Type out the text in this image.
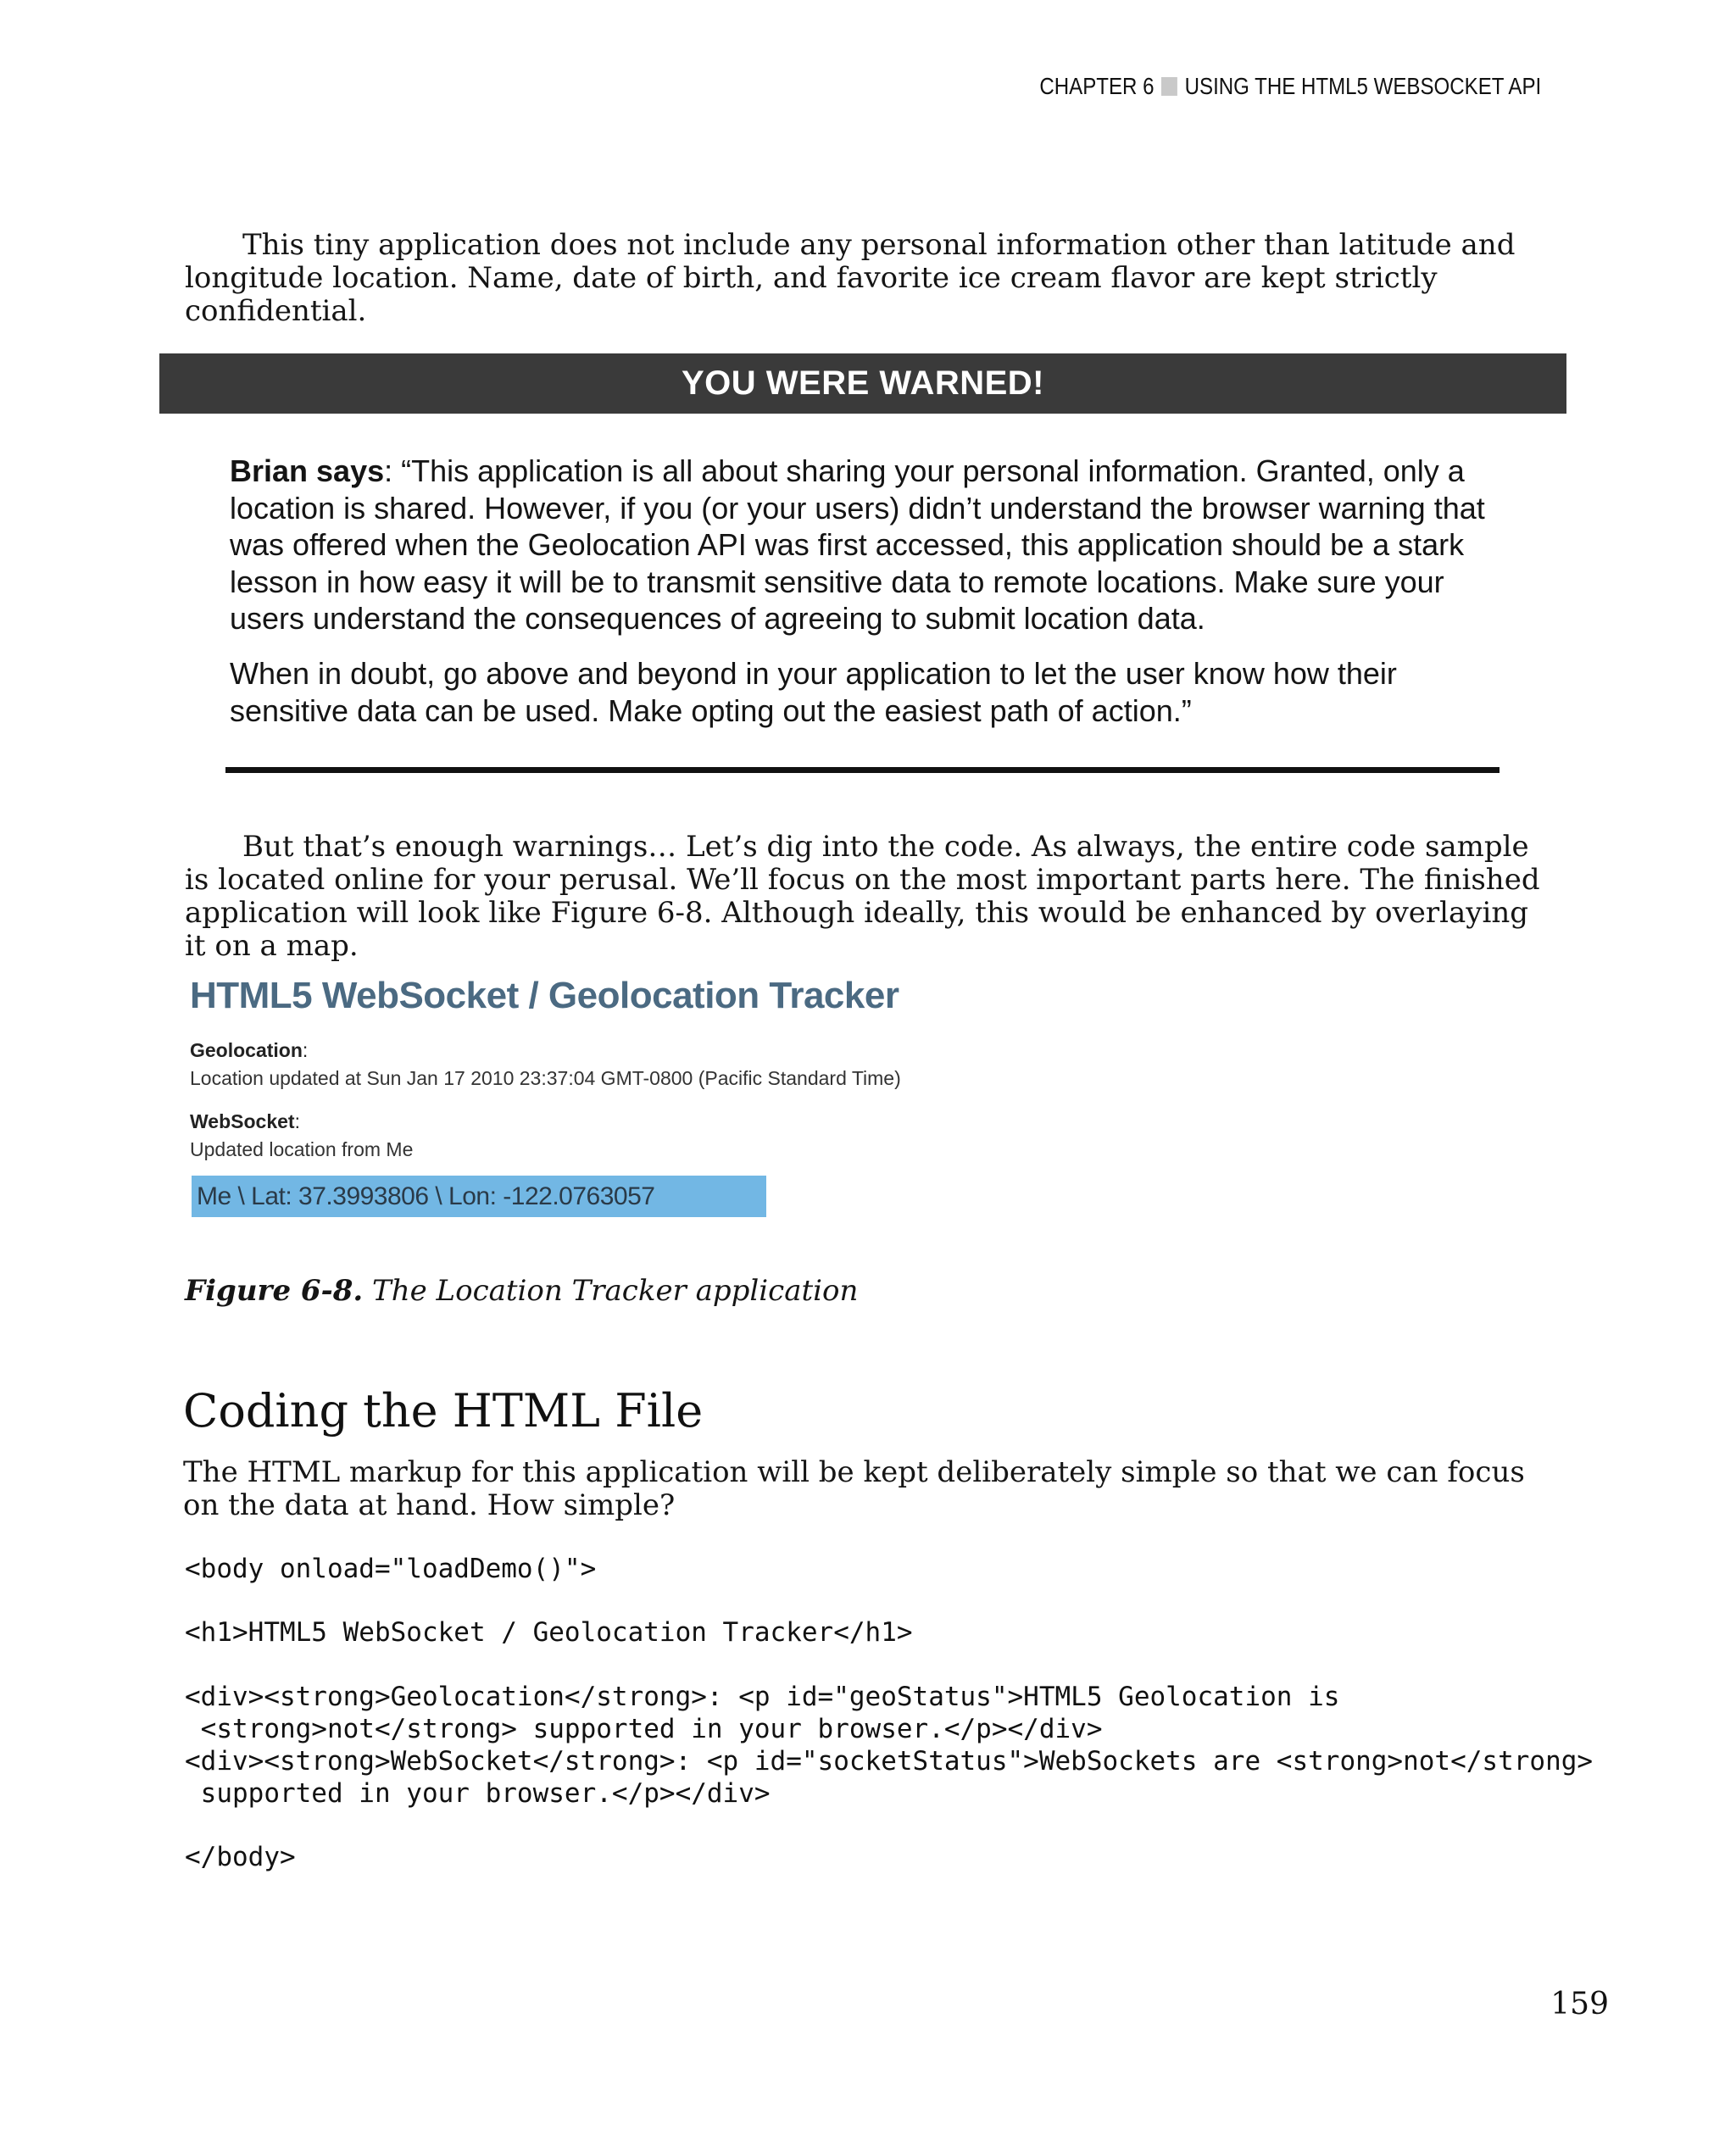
CHAPTER 6 USING THE HTML5 WEBSOCKET API
This tiny application does not include any personal information other than latitude and longitude location. Name, date of birth, and favorite ice cream flavor are kept strictly confidential.
YOU WERE WARNED!
Brian says: “This application is all about sharing your personal information. Granted, only a location is shared. However, if you (or your users) didn’t understand the browser warning that was offered when the Geolocation API was first accessed, this application should be a stark lesson in how easy it will be to transmit sensitive data to remote locations. Make sure your users understand the consequences of agreeing to submit location data.
When in doubt, go above and beyond in your application to let the user know how their sensitive data can be used. Make opting out the easiest path of action.”
But that’s enough warnings… Let’s dig into the code. As always, the entire code sample is located online for your perusal. We’ll focus on the most important parts here. The finished application will look like Figure 6-8. Although ideally, this would be enhanced by overlaying it on a map.
HTML5 WebSocket / Geolocation Tracker
Geolocation:
Location updated at Sun Jan 17 2010 23:37:04 GMT-0800 (Pacific Standard Time)
WebSocket:
Updated location from Me
Me \ Lat: 37.3993806 \ Lon: -122.0763057
Figure 6-8. The Location Tracker application
Coding the HTML File
The HTML markup for this application will be kept deliberately simple so that we can focus on the data at hand. How simple?
<body onload="loadDemo()">
<h1>HTML5 WebSocket / Geolocation Tracker</h1>
<div><strong>Geolocation</strong>: <p id="geoStatus">HTML5 Geolocation is
<strong>not</strong> supported in your browser.</p></div>
<div><strong>WebSocket</strong>: <p id="socketStatus">WebSockets are <strong>not</strong>
supported in your browser.</p></div>
</body>
159
